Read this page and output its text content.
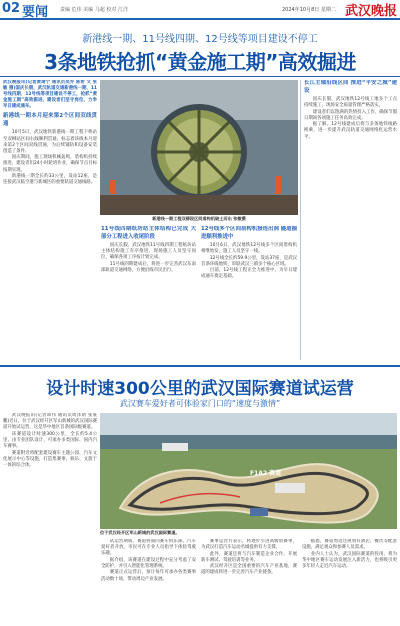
02 要闻 责编 危伟 美编 马超 校对 江洋	2024年10月8日 星期二 武汉晚报
新港线一期、11号线四期、12号线等项目建设不停工
3条地铁抢抓“黄金施工期”高效掘进

武汉晚报讯(记者黄琦宁 通讯员吴乔 陈希 文 张敏 摄)国庆长假，武汉轨道交通新港线一期、11号线四期、12号线等项目建设不停工，抢抓“黄金施工期”高效掘进，建设者们坚守岗位，力争早日建成通车。

新港线一期本月迎来第2个区间双线贯通

10月5日，武汉地铁新港线一期工程下桥站至双柳站区间右线顺利贯通，标志着该线本月迎来第2个区间双线贯通，为后续铺轨和设备安装创造了条件。

国庆期间，施工现场机械轰鸣，盾构机持续推进，建设者们24小时轮班作业，确保节点目标按期实现。

新港线一期全长约33公里，设站12座，是连接武汉临空港与新城区的重要轨道交通线路。

新港线一期工程双柳段区间盾构机破土而出 张敏摄
11号线四期纸坊站主体结构已完成 大部分工程进入收尾阶段

国庆长假，武汉地铁11号线四期工程纸坊站主体结构施工有序推进，现场施工人员坚守岗位，确保各项工序按计划完成。

11号线四期建成后，将进一步完善武汉东南部轨道交通网络，方便沿线市民出行。

12号线多个区间盾构机接连出洞 隧道掘进顺利推进中

10月6日，武汉地铁12号线多个区间盾构机相继始发，施工人员坚守一线。

12号线全长约59.9公里，设站37座，是武汉首条环线地铁，串联武汉三镇多个核心区域。

目前，12号线工程正全力推进中，为早日建成通车奠定基础。

长江主轴沿线区间 推进“平安之城”建设

国庆长假，武汉地铁12号线工地多个工点持续施工，现场安全质量管理严格落实。

建设者们以饱满的热情投入工作，确保节假日期间各项施工任务高效完成。

据了解，12号线建成后将与多条地铁线路换乘，进一步提升武汉轨道交通网络化运营水平。

设计时速300公里的武汉国际赛道试运营
武汉赛车爱好者可体验家门口的“速度与激情”

武汉晚报讯(记者谭伟 通讯员周泽朗 张豪鹏)近日，位于武汉经开区军山新城的武汉国际赛道开始试运营，这是华中地区首条国际级赛道。

该赛道设计时速300公里，全长约5.4公里，由专业团队设计，可承办多类国际、国内汽车赛事。

赛道附近将配套建设赛车主题公园、汽车文化展示中心等设施，打造集赛事、娱乐、文旅于一体的综合体。

F1A2 赛道
位于武汉经开区军山新城的武汉国际赛道。

试运营期间，赛道将面向赛车俱乐部、汽车爱好者开放，市民可在专业人员指导下体验驾驶乐趣。

据介绍，该赛道在建设过程中充分考虑了安全防护，并引入智能化管理系统。

赛道正式运营后，预计每年可承办各类赛事活动数十场，带动周边产业发展。

赛事运营方表示，将逐步引进高级别赛事，为武汉打造汽车运动名城提供有力支撑。

此外，赛道还将与汽车制造企业合作，开展新车测试、驾驶培训等业务。

武汉经开区是全国重要的汽车产业基地，赛道的建成将进一步完善汽车产业链条。

据悉，赛道周边还规划有酒店、餐饮等配套设施，满足观众和参赛人员需求。

业内人士认为，武汉国际赛道的投用，将为华中地区赛车运动发展注入新活力，也将吸引更多年轻人走近汽车运动。
